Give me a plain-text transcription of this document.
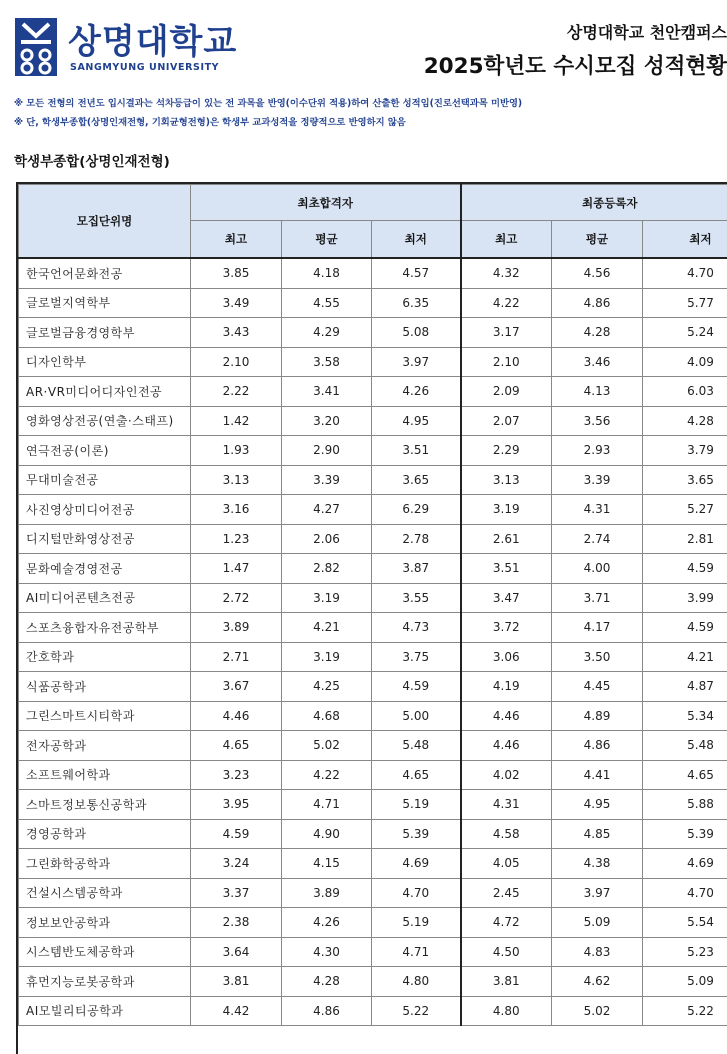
상명대학교
SANGMYUNG UNIVERSITY
상명대학교 천안캠퍼스
2025학년도 수시모집 성적현황
※ 모든 전형의 전년도 입시결과는 석차등급이 있는 전 과목을 반영(이수단위 적용)하여 산출한 성적임(진로선택과목 미반영)
※ 단, 학생부종합(상명인재전형, 기회균형전형)은 학생부 교과성적을 정량적으로 반영하지 않음
학생부종합(상명인재전형)
모집단위명	최초합격자			최종등록자		
	최고	평균	최저	최고	평균	최저
한국언어문화전공	3.85	4.18	4.57	4.32	4.56	4.70
글로벌지역학부	3.49	4.55	6.35	4.22	4.86	5.77
글로벌금융경영학부	3.43	4.29	5.08	3.17	4.28	5.24
디자인학부	2.10	3.58	3.97	2.10	3.46	4.09
AR·VR미디어디자인전공	2.22	3.41	4.26	2.09	4.13	6.03
영화영상전공(연출·스태프)	1.42	3.20	4.95	2.07	3.56	4.28
연극전공(이론)	1.93	2.90	3.51	2.29	2.93	3.79
무대미술전공	3.13	3.39	3.65	3.13	3.39	3.65
사진영상미디어전공	3.16	4.27	6.29	3.19	4.31	5.27
디지털만화영상전공	1.23	2.06	2.78	2.61	2.74	2.81
문화예술경영전공	1.47	2.82	3.87	3.51	4.00	4.59
AI미디어콘텐츠전공	2.72	3.19	3.55	3.47	3.71	3.99
스포츠융합자유전공학부	3.89	4.21	4.73	3.72	4.17	4.59
간호학과	2.71	3.19	3.75	3.06	3.50	4.21
식품공학과	3.67	4.25	4.59	4.19	4.45	4.87
그린스마트시티학과	4.46	4.68	5.00	4.46	4.89	5.34
전자공학과	4.65	5.02	5.48	4.46	4.86	5.48
소프트웨어학과	3.23	4.22	4.65	4.02	4.41	4.65
스마트정보통신공학과	3.95	4.71	5.19	4.31	4.95	5.88
경영공학과	4.59	4.90	5.39	4.58	4.85	5.39
그린화학공학과	3.24	4.15	4.69	4.05	4.38	4.69
건설시스템공학과	3.37	3.89	4.70	2.45	3.97	4.70
정보보안공학과	2.38	4.26	5.19	4.72	5.09	5.54
시스템반도체공학과	3.64	4.30	4.71	4.50	4.83	5.23
휴먼지능로봇공학과	3.81	4.28	4.80	3.81	4.62	5.09
AI모빌리티공학과	4.42	4.86	5.22	4.80	5.02	5.22
